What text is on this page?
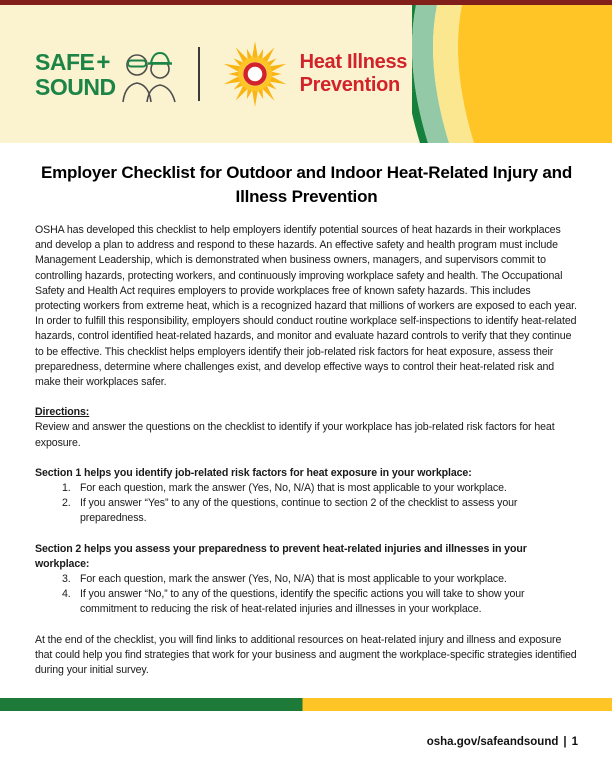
SAFE+
SOUND
Heat Illness
Prevention
Employer Checklist for Outdoor and Indoor Heat-Related Injury and Illness Prevention

OSHA has developed this checklist to help employers identify potential sources of heat hazards in their workplaces and develop a plan to address and respond to these hazards. An effective safety and health program must include Management Leadership, which is demonstrated when business owners, managers, and supervisors commit to controlling hazards, protecting workers, and continuously improving workplace safety and health. The Occupational Safety and Health Act requires employers to provide workplaces free of known safety hazards. This includes protecting workers from extreme heat, which is a recognized hazard that millions of workers are exposed to each year. In order to fulfill this responsibility, employers should conduct routine workplace self-inspections to identify heat-related hazards, control identified heat-related hazards, and monitor and evaluate hazard controls to verify that they continue to be effective. This checklist helps employers identify their job-related risk factors for heat exposure, assess their preparedness, determine where challenges exist, and develop effective ways to control their heat-related risk and make their workplaces safer.

Directions:
Review and answer the questions on the checklist to identify if your workplace has job-related risk factors for heat exposure.
Section 1 helps you identify job-related risk factors for heat exposure in your workplace:
1. For each question, mark the answer (Yes, No, N/A) that is most applicable to your workplace.
2. If you answer “Yes” to any of the questions, continue to section 2 of the checklist to assess your preparedness.
Section 2 helps you assess your preparedness to prevent heat-related injuries and illnesses in your workplace:
3. For each question, mark the answer (Yes, No, N/A) that is most applicable to your workplace.
4. If you answer “No,” to any of the questions, identify the specific actions you will take to show your commitment to reducing the risk of heat-related injuries and illnesses in your workplace.

At the end of the checklist, you will find links to additional resources on heat-related injury and illness and exposure that could help you find strategies that work for your business and augment the workplace-specific strategies identified during your initial survey.

osha.gov/safeandsound | 1
